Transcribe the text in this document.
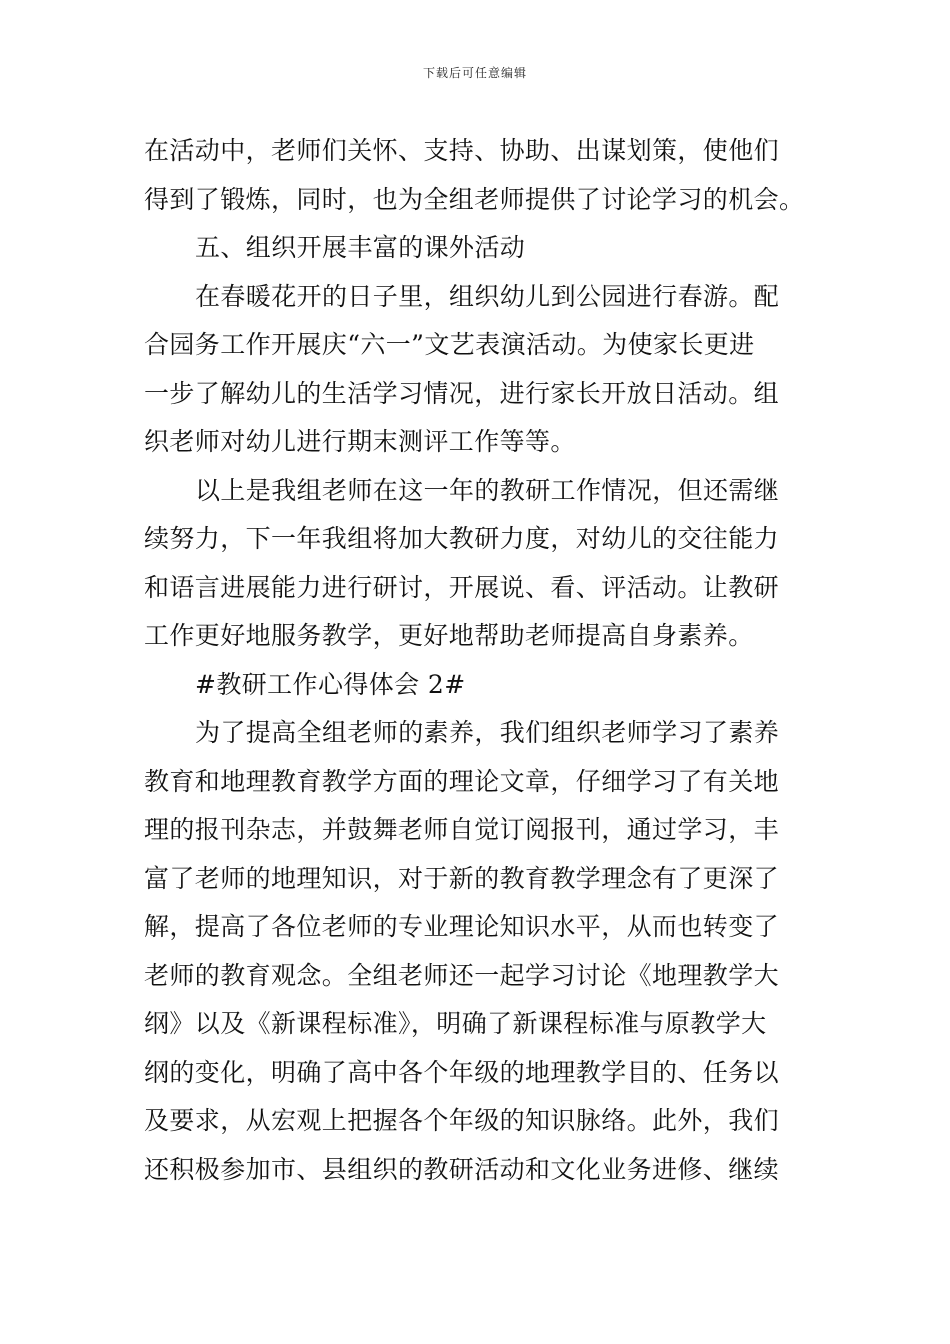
下载后可任意编辑
在活动中，老师们关怀、支持、协助、出谋划策，使他们
得到了锻炼，同时，也为全组老师提供了讨论学习的机会。
五、组织开展丰富的课外活动
在春暖花开的日子里，组织幼儿到公园进行春游。配
合园务工作开展庆“六一”文艺表演活动。为使家长更进
一步了解幼儿的生活学习情况，进行家长开放日活动。组
织老师对幼儿进行期末测评工作等等。
以上是我组老师在这一年的教研工作情况，但还需继
续努力，下一年我组将加大教研力度，对幼儿的交往能力
和语言进展能力进行研讨，开展说、看、评活动。让教研
工作更好地服务教学，更好地帮助老师提高自身素养。
#教研工作心得体会 2#
为了提高全组老师的素养，我们组织老师学习了素养
教育和地理教育教学方面的理论文章，仔细学习了有关地
理的报刊杂志，并鼓舞老师自觉订阅报刊，通过学习，丰
富了老师的地理知识，对于新的教育教学理念有了更深了
解，提高了各位老师的专业理论知识水平，从而也转变了
老师的教育观念。全组老师还一起学习讨论《地理教学大
纲》以及《新课程标准》，明确了新课程标准与原教学大
纲的变化，明确了高中各个年级的地理教学目的、任务以
及要求，从宏观上把握各个年级的知识脉络。此外，我们
还积极参加市、县组织的教研活动和文化业务进修、继续
